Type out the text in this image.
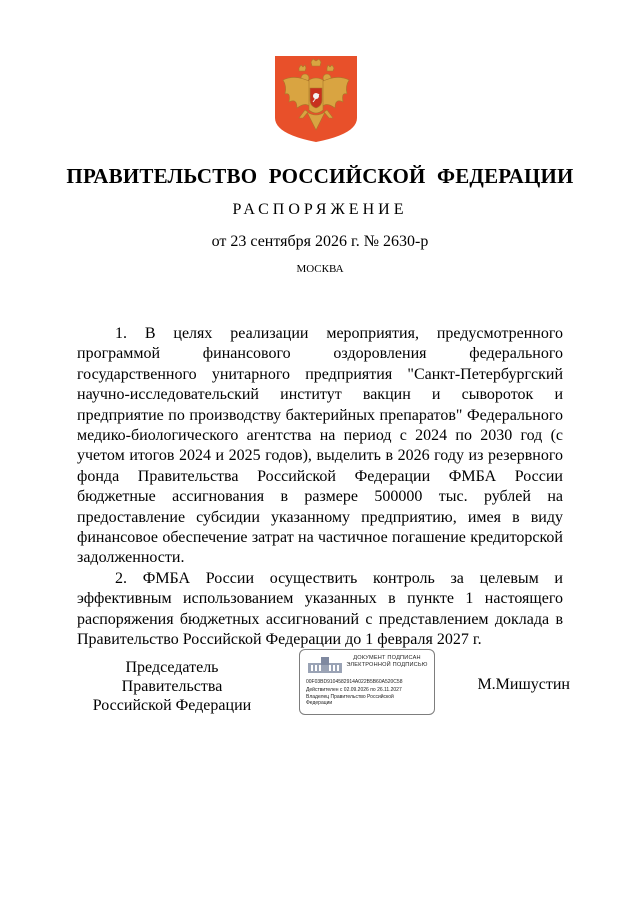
ПРАВИТЕЛЬСТВО РОССИЙСКОЙ ФЕДЕРАЦИИ
РАСПОРЯЖЕНИЕ
от 23 сентября 2026 г. № 2630-р
МОСКВА

1. В целях реализации мероприятия, предусмотренного программой финансового оздоровления федерального государственного унитарного предприятия "Санкт-Петербургский научно-исследовательский институт вакцин и сывороток и предприятие по производству бактерийных препаратов" Федерального медико-биологического агентства на период с 2024 по 2030 год (с учетом итогов 2024 и 2025 годов), выделить в 2026 году из резервного фонда Правительства Российской Федерации ФМБА России бюджетные ассигнования в размере 500000 тыс. рублей на предоставление субсидии указанному предприятию, имея в виду финансовое обеспечение затрат на частичное погашение кредиторской задолженности.

2. ФМБА России осуществить контроль за целевым и эффективным использованием указанных в пункте 1 настоящего распоряжения бюджетных ассигнований с представлением доклада в Правительство Российской Федерации до 1 февраля 2027 г.

Председатель Правительства
Российской Федерации
ДОКУМЕНТ ПОДПИСАН
ЭЛЕКТРОННОЙ ПОДПИСЬЮ
00F03BD9104582914A022B5B60A520C58
Действителен с 02.09.2026 по 26.11.2027
Владелец Правительство Российской
Федерации
М.Мишустин
